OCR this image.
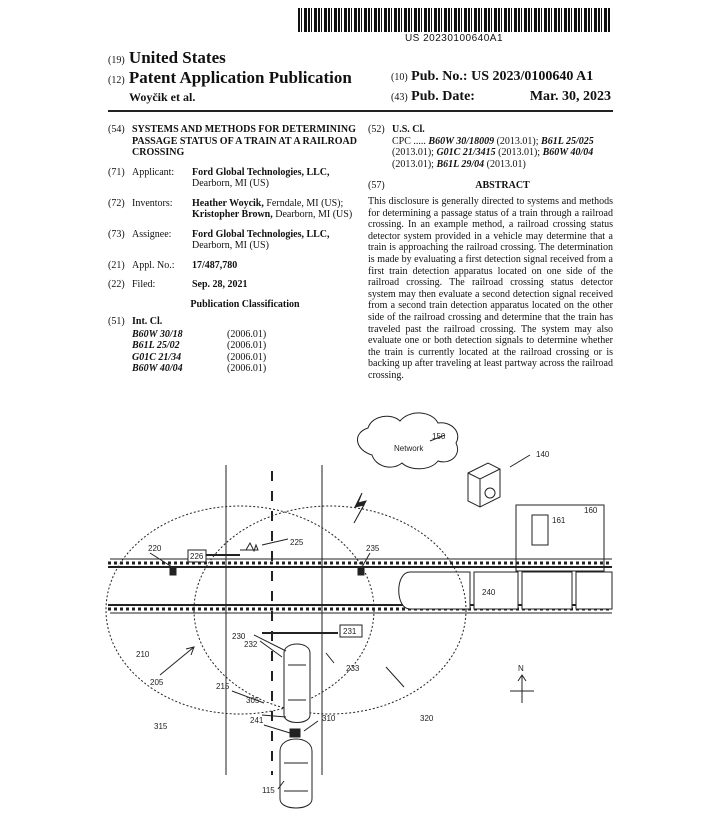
US 20230100640A1
(19) United States
(12) Patent Application Publication
Woyčik et al.
(10) Pub. No.: US 2023/0100640 A1
(43) Pub. Date:	Mar. 30, 2023
(54) SYSTEMS AND METHODS FOR DETERMINING PASSAGE STATUS OF A TRAIN AT A RAILROAD CROSSING
(71) Applicant:	Ford Global Technologies, LLC,
Dearborn, MI (US)
(72) Inventors:	Heather Woycik, Ferndale, MI (US);
Kristopher Brown, Dearborn, MI (US)
(73) Assignee:	Ford Global Technologies, LLC,
Dearborn, MI (US)
(21) Appl. No.:	17/487,780
(22) Filed:	Sep. 28, 2021
Publication Classification
(51) Int. Cl.
B60W 30/18	(2006.01)
B61L 25/02	(2006.01)
G01C 21/34	(2006.01)
B60W 40/04	(2006.01)
(52) U.S. Cl.
CPC ..... B60W 30/18009 (2013.01); B61L 25/025 (2013.01); G01C 21/3415 (2013.01); B60W 40/04 (2013.01); B61L 29/04 (2013.01)
(57)	ABSTRACT
This disclosure is generally directed to systems and methods for determining a passage status of a train through a railroad crossing. In an example method, a railroad crossing status detector system provided in a vehicle may determine that a train is approaching the railroad crossing. The determination is made by evaluating a first detection signal received from a first train detection apparatus located on one side of the railroad crossing. The railroad crossing status detector system may then evaluate a second detection signal received from a second train detection apparatus located on the other side of the railroad crossing and determine that the train has traveled past the railroad crossing. The system may also evaluate one or both detection signals to determine whether the train is currently located at the railroad crossing or is backing up after traveling at least partway across the railroad crossing.
Network
150
140
160
161
240
226
231
220
225
235
230
232
233
210
205	215
305
241	310
315
320
115
N
